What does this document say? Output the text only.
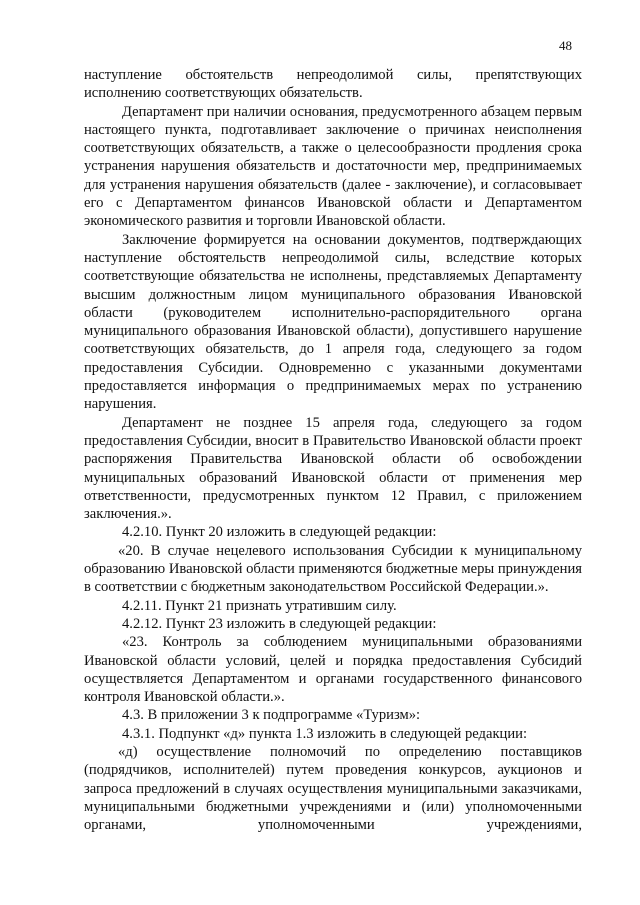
48

наступление обстоятельств непреодолимой силы, препятствующих исполнению соответствующих обязательств.

Департамент при наличии основания, предусмотренного абзацем первым настоящего пункта, подготавливает заключение о причинах неисполнения соответствующих обязательств, а также о целесообразности продления срока устранения нарушения обязательств и достаточности мер, предпринимаемых для устранения нарушения обязательств (далее - заключение), и согласовывает его с Департаментом финансов Ивановской области и Департаментом экономического развития и торговли Ивановской области.

Заключение формируется на основании документов, подтверждающих наступление обстоятельств непреодолимой силы, вследствие которых соответствующие обязательства не исполнены, представляемых Департаменту высшим должностным лицом муниципального образования Ивановской области (руководителем исполнительно-распорядительного органа муниципального образования Ивановской области), допустившего нарушение соответствующих обязательств, до 1 апреля года, следующего за годом предоставления Субсидии. Одновременно с указанными документами предоставляется информация о предпринимаемых мерах по устранению нарушения.

Департамент не позднее 15 апреля года, следующего за годом предоставления Субсидии, вносит в Правительство Ивановской области проект распоряжения Правительства Ивановской области об освобождении муниципальных образований Ивановской области от применения мер ответственности, предусмотренных пунктом 12 Правил, с приложением заключения.».

4.2.10. Пункт 20 изложить в следующей редакции:

«20. В случае нецелевого использования Субсидии к муниципальному образованию Ивановской области применяются бюджетные меры принуждения в соответствии с бюджетным законодательством Российской Федерации.».

4.2.11. Пункт 21 признать утратившим силу.

4.2.12. Пункт 23 изложить в следующей редакции:

«23. Контроль за соблюдением муниципальными образованиями Ивановской области условий, целей и порядка предоставления Субсидий осуществляется Департаментом и органами государственного финансового контроля Ивановской области.».

4.3. В приложении 3 к подпрограмме «Туризм»:

4.3.1. Подпункт «д» пункта 1.3 изложить в следующей редакции:

«д) осуществление полномочий по определению поставщиков (подрядчиков, исполнителей) путем проведения конкурсов, аукционов и запроса предложений в случаях осуществления муниципальными заказчиками, муниципальными бюджетными учреждениями и (или) уполномоченными органами, уполномоченными учреждениями,
